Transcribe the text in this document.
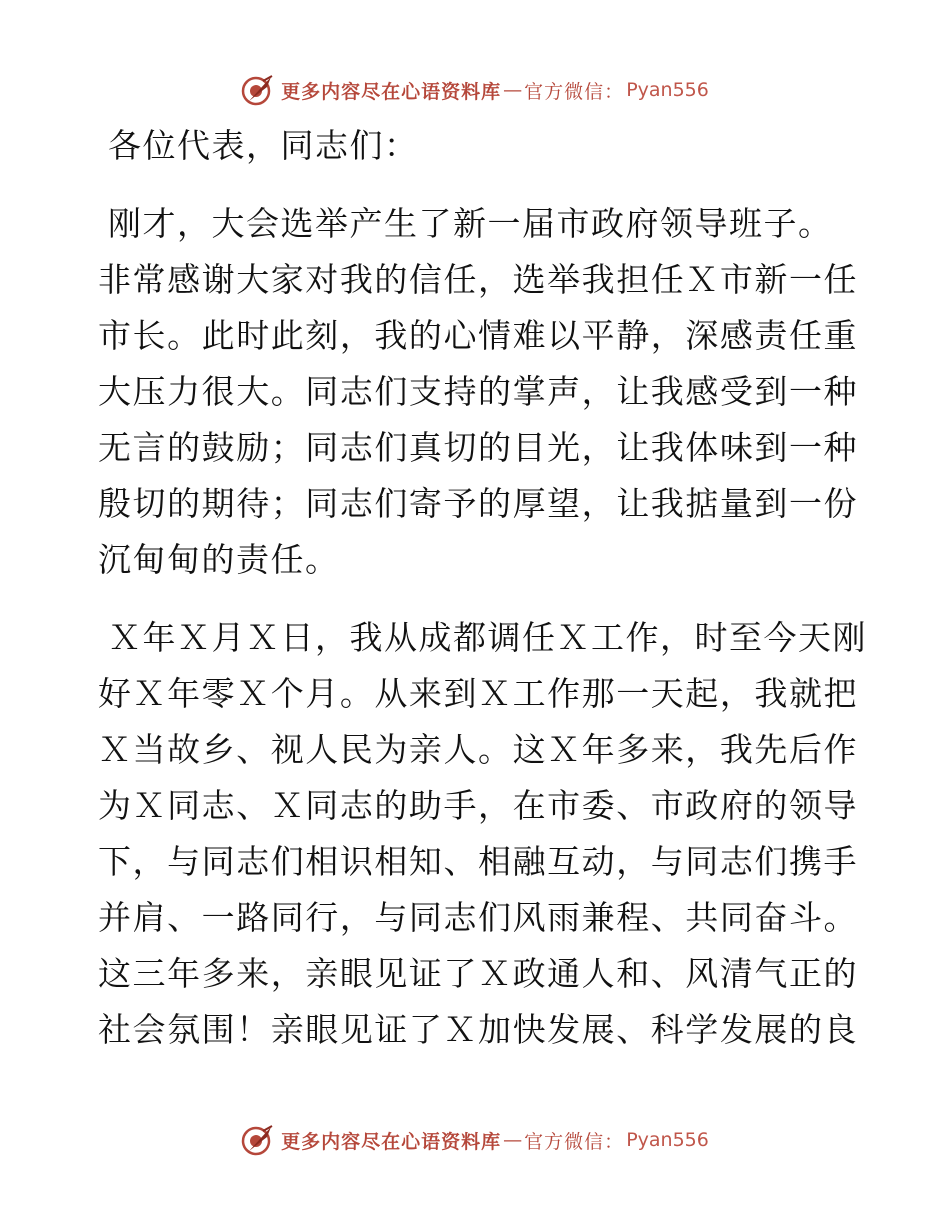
更多内容尽在心语资料库 — 官方微信： Pyan556
各位代表，同志们：
刚才，大会选举产生了新一届市政府领导班子。
非常感谢大家对我的信任，选举我担任Ｘ市新一任
市长。此时此刻，我的心情难以平静，深感责任重
大压力很大。同志们支持的掌声，让我感受到一种
无言的鼓励；同志们真切的目光，让我体味到一种
殷切的期待；同志们寄予的厚望，让我掂量到一份
沉甸甸的责任。
Ｘ年Ｘ月Ｘ日，我从成都调任Ｘ工作，时至今天刚
好Ｘ年零Ｘ个月。从来到Ｘ工作那一天起，我就把
Ｘ当故乡、视人民为亲人。这Ｘ年多来，我先后作
为Ｘ同志、Ｘ同志的助手，在市委、市政府的领导
下，与同志们相识相知、相融互动，与同志们携手
并肩、一路同行，与同志们风雨兼程、共同奋斗。
这三年多来，亲眼见证了Ｘ政通人和、风清气正的
社会氛围！亲眼见证了Ｘ加快发展、科学发展的良
更多内容尽在心语资料库 — 官方微信： Pyan556
